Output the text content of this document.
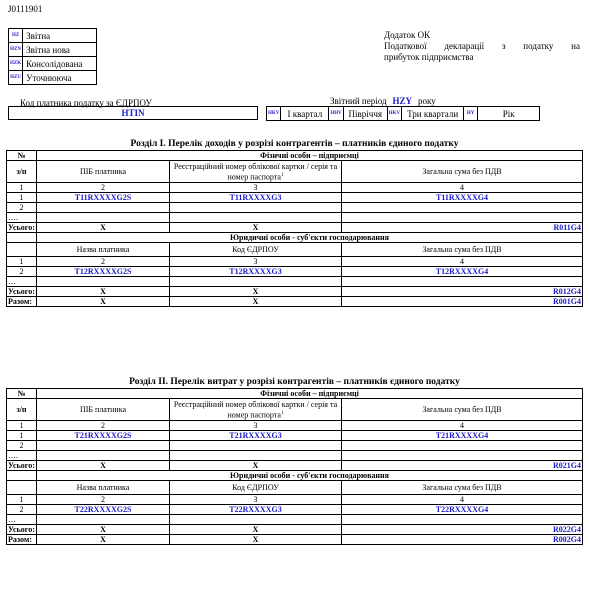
J0111901
HZ	Звітна
HZN	Звітна нова
HZK	Консолідована
HZU	Уточнююча
Додаток ОК
Податкової декларації з податку на
прибуток підприємства
Код платника податку за ЄДРПОУ
HTIN
Звітний період HZY року
HKV	І квартал	HHV	Півріччя	HKV	Три квартали	HY	Рік
Розділ І. Перелік доходів у розрізі контрагентів – платників єдиного податку
№	Фізичні особи – підприємці		
з/п	ПІБ платника	Реєстраційний номер облікової картки / серія та номер паспорта$^1$	Загальна сума без ПДВ
1	2	3	4
1	T11RXXXXG2S	T11RXXXXG3	T11RXXXXG4
2			
….			
Усього:	X	X	R011G4
	Юридичні особи - суб'єкти господарювання		
	Назва платника	Код ЄДРПОУ	Загальна сума без ПДВ
1	2	3	4
2	T12RXXXXG2S	T12RXXXXG3	T12RXXXXG4
…			
Усього:	X	X	R012G4
Разом:	X	X	R001G4
Розділ ІІ. Перелік витрат у розрізі контрагентів – платників єдиного податку
№	Фізичні особи – підприємці		
з/п	ПІБ платника	Реєстраційний номер облікової картки / серія та номер паспорта$^1$	Загальна сума без ПДВ
1	2	3	4
1	T21RXXXXG2S	T21RXXXXG3	T21RXXXXG4
2			
….			
Усього:	X	X	R021G4
	Юридичні особи - суб'єкти господарювання		
	Назва платника	Код ЄДРПОУ	Загальна сума без ПДВ
1	2	3	4
2	T22RXXXXG2S	T22RXXXXG3	T22RXXXXG4
…			
Усього:	X	X	R022G4
Разом:	X	X	R002G4
